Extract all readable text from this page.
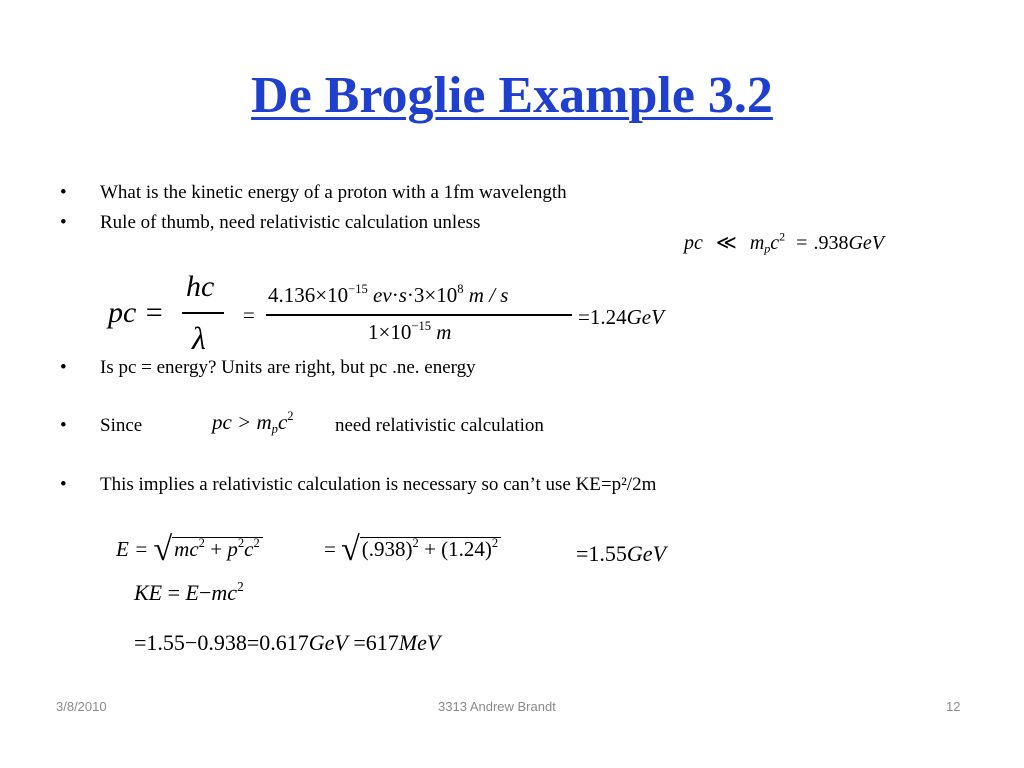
De Broglie Example 3.2
• What is the kinetic energy of a proton with a 1fm wavelength
• Rule of thumb, need relativistic calculation unless
• Is pc = energy? Units are right, but pc .ne. energy
• Since	need relativistic calculation
• This implies a relativistic calculation is necessary so can’t use KE=p²/2m
pc ≪ $m_pc^2 = .938GeV$
pc =
hc
λ
=
$4.136\times 10^{-15}$ $ev\cdot s\cdot 3\times 10^8$ m / s
$1\times 10^{-15}$ m
=1.24GeV
pc > $m_pc^2$
$E = √mc^2 + p^2c^2$	= $√(.938)^2 + (1.24)^2$	=1.55GeV
KE = $E-mc^2$
=1.55−0.938=0.617GeV =617MeV
3/8/2010	3313 Andrew Brandt	12
